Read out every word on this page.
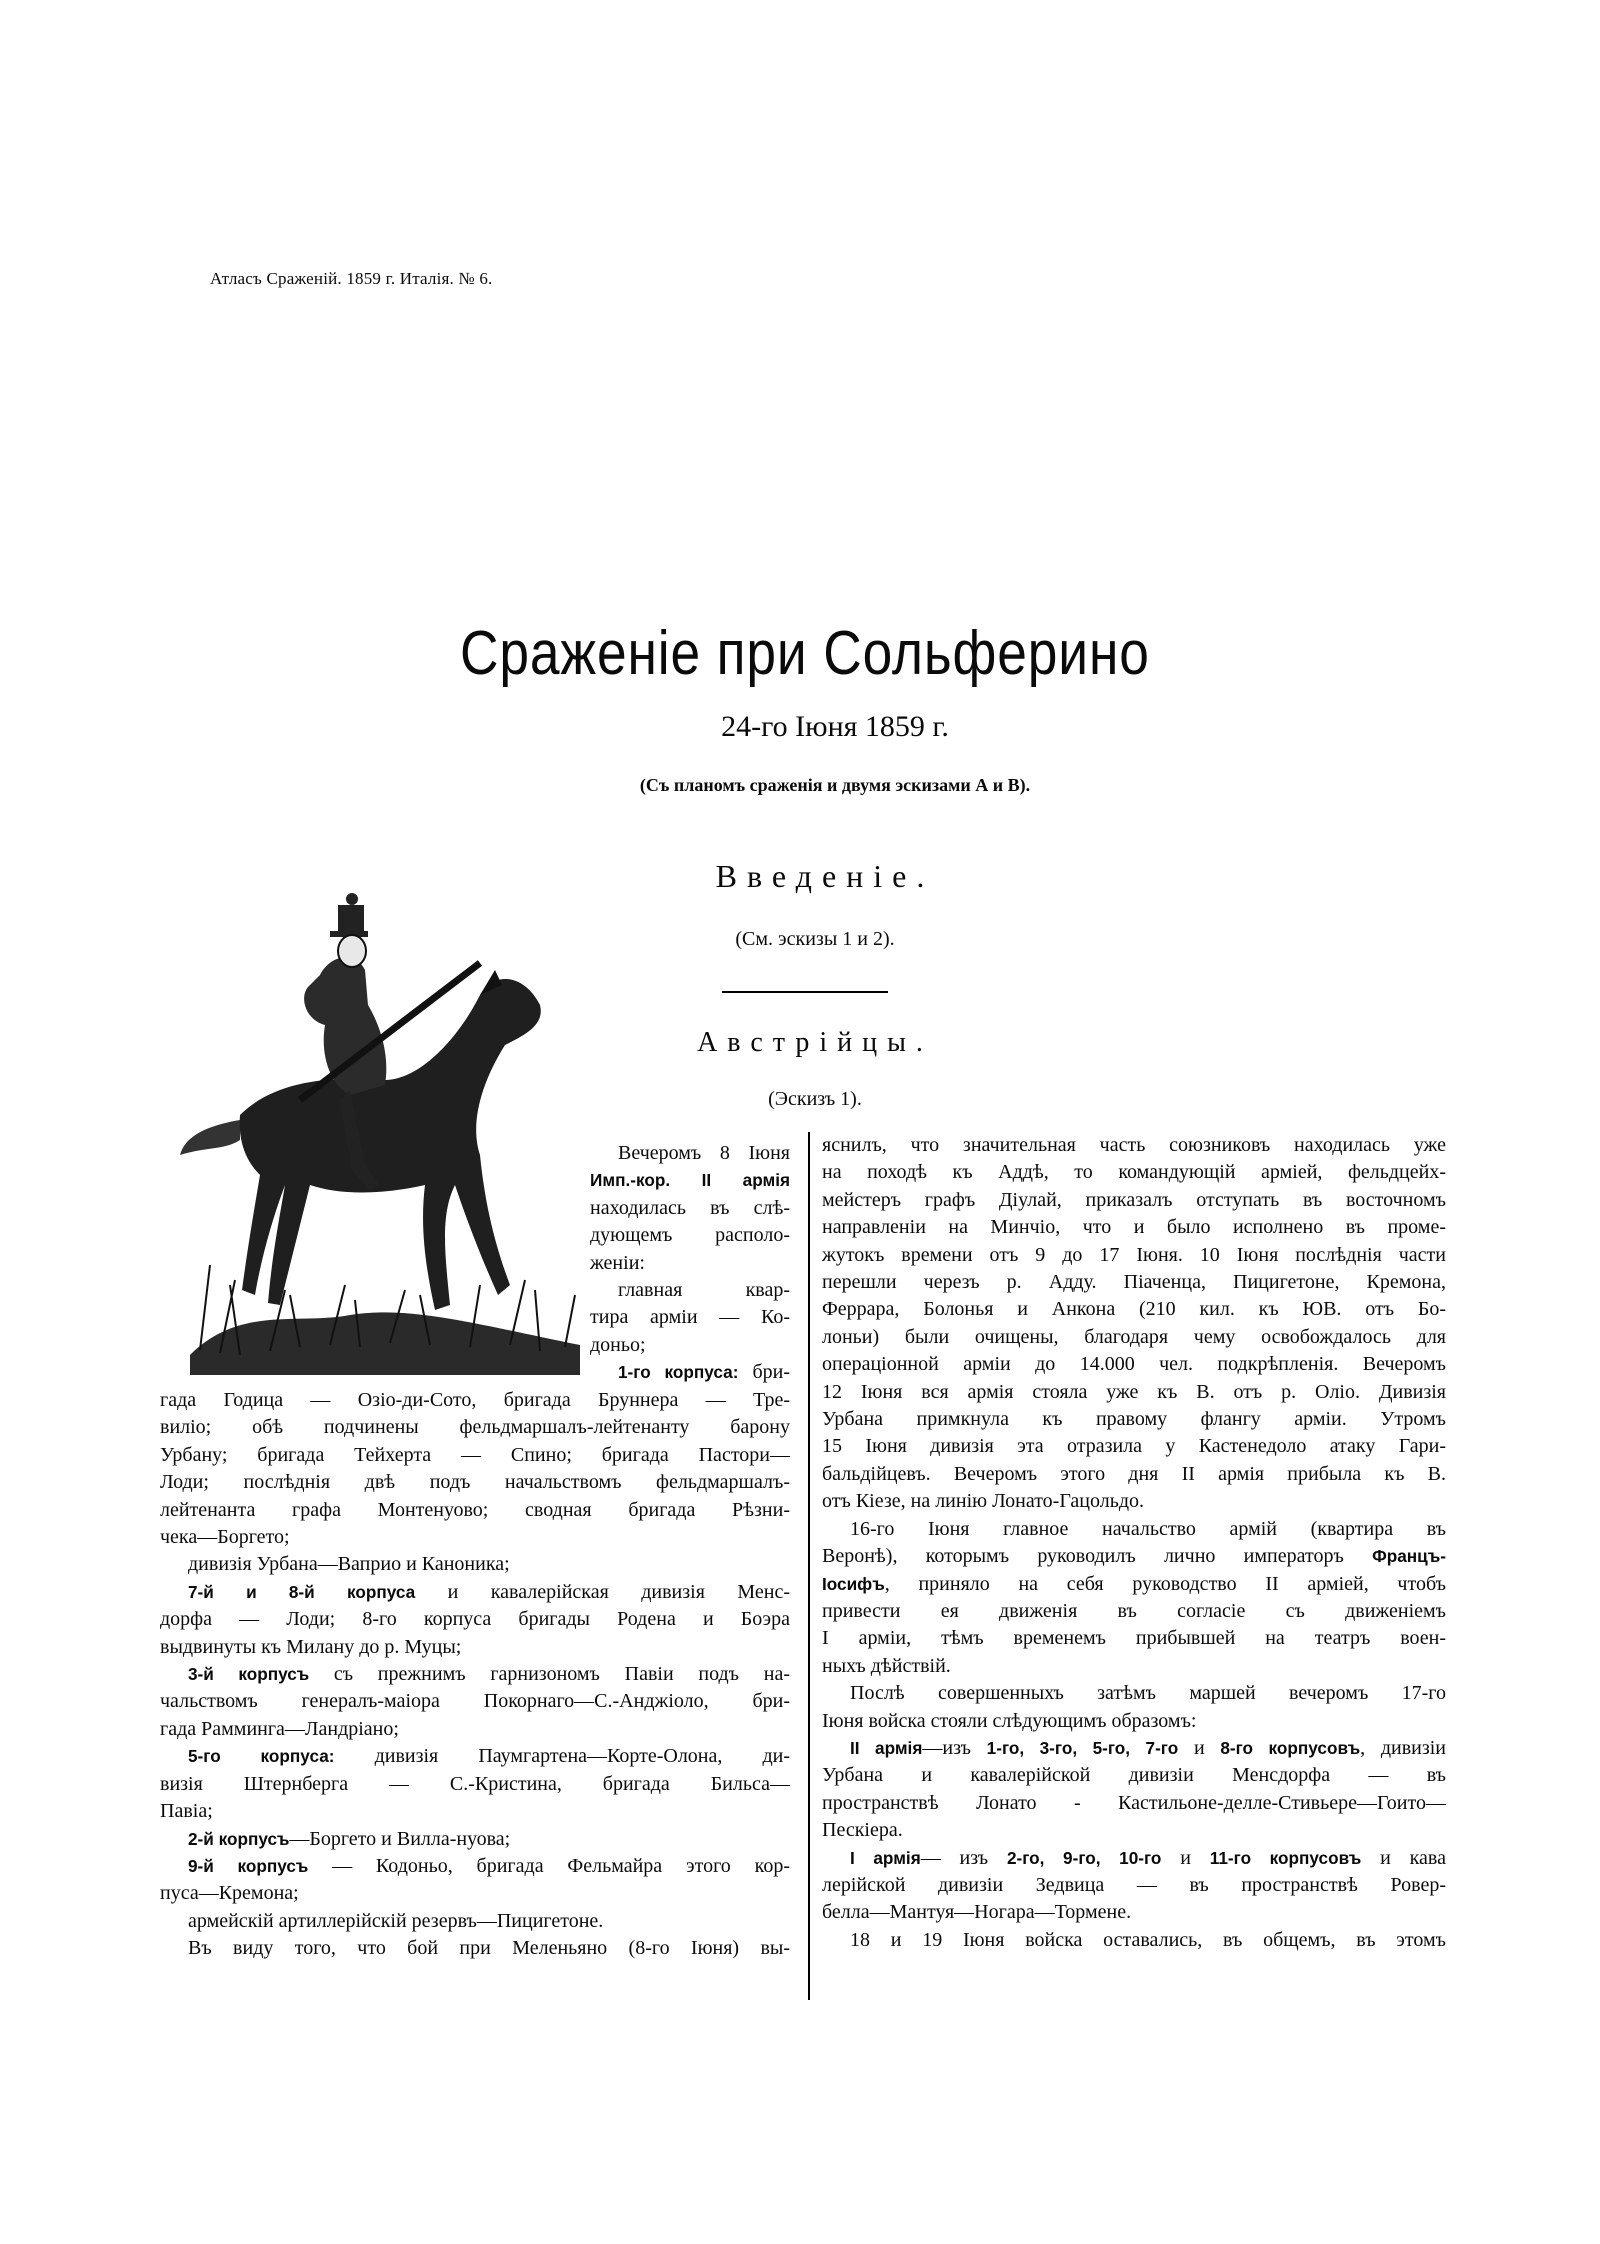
Атласъ Сраженій. 1859 г. Италія. № 6.
Сраженіе при Сольферино
24-го Іюня 1859 г.
(Съ планомъ сраженія и двумя эскизами А и В).
Введеніе.
(См. эскизы 1 и 2).
Австрійцы.
(Эскизъ 1).
Вечеромъ 8 Іюня
Имп.-кор. II армія
находилась въ слѣ-
дующемъ располо-
женіи:
главная квар-
тира арміи — Ко-
доньо;
1-го корпуса: бри-
гада Годица — Озіо-ди-Сото, бригада Бруннера — Тре-
виліо; обѣ подчинены фельдмаршалъ-лейтенанту барону
Урбану; бригада Тейхерта — Спино; бригада Пастори—
Лоди; послѣднія двѣ подъ начальствомъ фельдмаршалъ-
лейтенанта графа Монтенуово; сводная бригада Рѣзни-
чека—Боргето;
дивизія Урбана—Ваприо и Каноника;
7-й и 8-й корпуса и кавалерійская дивизія Менс-
дорфа — Лоди; 8-го корпуса бригады Родена и Боэра
выдвинуты къ Милану до р. Муцы;
3-й корпусъ съ прежнимъ гарнизономъ Павіи подъ на-
чальствомъ генералъ-маіора Покорнаго—С.-Анджіоло, бри-
гада Рамминга—Ландріано;
5-го корпуса: дивизія Паумгартена—Корте-Олона, ди-
визія Штернберга — С.-Кристина, бригада Бильса—
Павіа;
2-й корпусъ—Боргето и Вилла-нуова;
9-й корпусъ — Кодоньо, бригада Фельмайра этого кор-
пуса—Кремона;
армейскій артиллерійскій резервъ—Пицигетоне.
Въ виду того, что бой при Меленьяно (8-го Іюня) вы-
яснилъ, что значительная часть союзниковъ находилась уже
на походѣ къ Аддѣ, то командующій арміей, фельдцейх-
мейстеръ графъ Діулай, приказалъ отступать въ восточномъ
направленіи на Минчіо, что и было исполнено въ проме-
жутокъ времени отъ 9 до 17 Іюня. 10 Іюня послѣднія части
перешли черезъ р. Адду. Піаченца, Пицигетоне, Кремона,
Феррара, Болонья и Анкона (210 кил. къ ЮВ. отъ Бо-
лоньи) были очищены, благодаря чему освобождалось для
операціонной арміи до 14.000 чел. подкрѣпленія. Вечеромъ
12 Іюня вся армія стояла уже къ В. отъ р. Оліо. Дивизія
Урбана примкнула къ правому флангу арміи. Утромъ
15 Іюня дивизія эта отразила у Кастенедоло атаку Гари-
бальдійцевъ. Вечеромъ этого дня II армія прибыла къ В.
отъ Кіезе, на линію Лонато-Гацольдо.
16-го Іюня главное начальство армій (квартира въ
Веронѣ), которымъ руководилъ лично императоръ Францъ-
Іосифъ, приняло на себя руководство II арміей, чтобъ
привести ея движенія въ согласіе съ движеніемъ
I арміи, тѣмъ временемъ прибывшей на театръ воен-
ныхъ дѣйствій.
Послѣ совершенныхъ затѣмъ маршей вечеромъ 17-го
Іюня войска стояли слѣдующимъ образомъ:
II армія—изъ 1-го, 3-го, 5-го, 7-го и 8-го корпусовъ, дивизіи
Урбана и кавалерійской дивизіи Менсдорфа — въ
пространствѣ Лонато - Кастильоне-делле-Стивьере—Гоито—
Пескіера.
I армія— изъ 2-го, 9-го, 10-го и 11-го корпусовъ и кава
лерійской дивизіи Зедвица — въ пространствѣ Ровер-
белла—Мантуя—Ногара—Тормене.
18 и 19 Іюня войска оставались, въ общемъ, въ этомъ
